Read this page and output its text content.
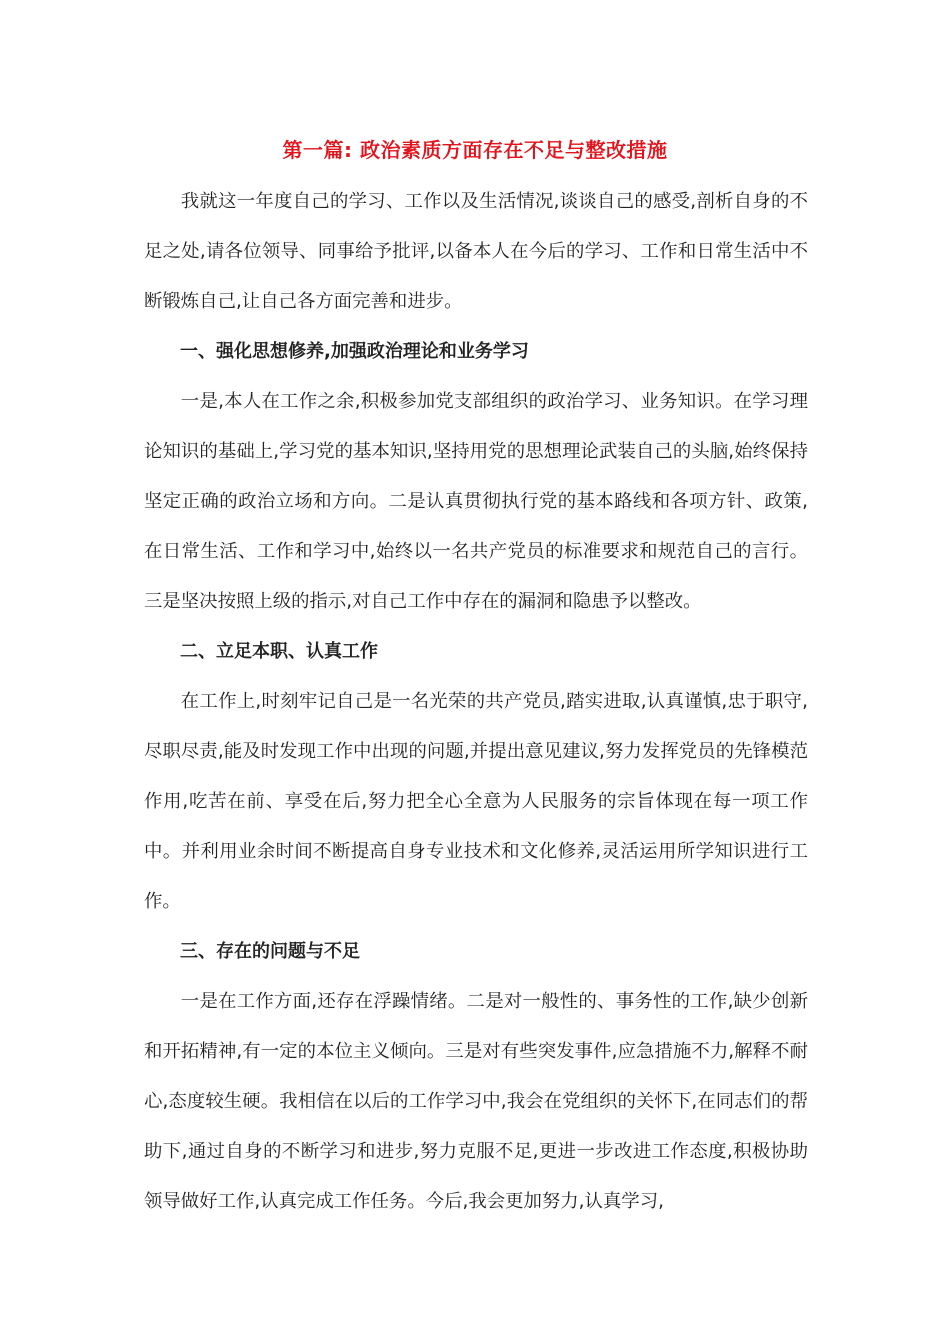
第一篇: 政治素质方面存在不足与整改措施

我就这一年度自己的学习、工作以及生活情况,谈谈自己的感受,剖析自身的不足之处,请各位领导、同事给予批评,以备本人在今后的学习、工作和日常生活中不断锻炼自己,让自己各方面完善和进步。

一、强化思想修养,加强政治理论和业务学习

一是,本人在工作之余,积极参加党支部组织的政治学习、业务知识。在学习理论知识的基础上,学习党的基本知识,坚持用党的思想理论武装自己的头脑,始终保持坚定正确的政治立场和方向。二是认真贯彻执行党的基本路线和各项方针、政策,在日常生活、工作和学习中,始终以一名共产党员的标准要求和规范自己的言行。三是坚决按照上级的指示,对自己工作中存在的漏洞和隐患予以整改。

二、立足本职、认真工作

在工作上,时刻牢记自己是一名光荣的共产党员,踏实进取,认真谨慎,忠于职守,尽职尽责,能及时发现工作中出现的问题,并提出意见建议,努力发挥党员的先锋模范作用,吃苦在前、享受在后,努力把全心全意为人民服务的宗旨体现在每一项工作中。并利用业余时间不断提高自身专业技术和文化修养,灵活运用所学知识进行工作。

三、存在的问题与不足

一是在工作方面,还存在浮躁情绪。二是对一般性的、事务性的工作,缺少创新和开拓精神,有一定的本位主义倾向。三是对有些突发事件,应急措施不力,解释不耐心,态度较生硬。我相信在以后的工作学习中,我会在党组织的关怀下,在同志们的帮助下,通过自身的不断学习和进步,努力克服不足,更进一步改进工作态度,积极协助领导做好工作,认真完成工作任务。今后,我会更加努力,认真学习,
